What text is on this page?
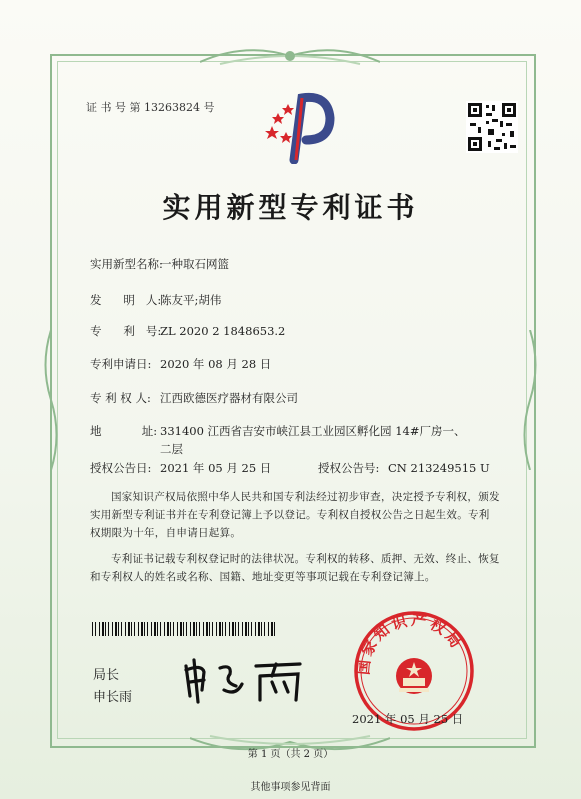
证 书 号 第 13263824 号
实用新型专利证书
实用新型名称:一种取石网篮
发      明   人:陈友平;胡伟
专      利   号:ZL 2020 2 1848653.2
专利申请日: 2020 年 08 月 28 日
专 利 权 人: 江西欧德医疗器材有限公司
地           址: 331400 江西省吉安市峡江县工业园区孵化园 14#厂房一、
二层
授权公告日: 2021 年 05 月 25 日	授权公告号: CN 213249515 U
国家知识产权局依照中华人民共和国专利法经过初步审查，决定授予专利权，颁发实用新型专利证书并在专利登记簿上予以登记。专利权自授权公告之日起生效。专利权期限为十年，自申请日起算。
专利证书记载专利权登记时的法律状况。专利权的转移、质押、无效、终止、恢复和专利权人的姓名或名称、国籍、地址变更等事项记载在专利登记簿上。
局长
申长雨
国家知识产权局
2021 年 05 月 25 日
第 1 页（共 2 页）
其他事项参见背面
